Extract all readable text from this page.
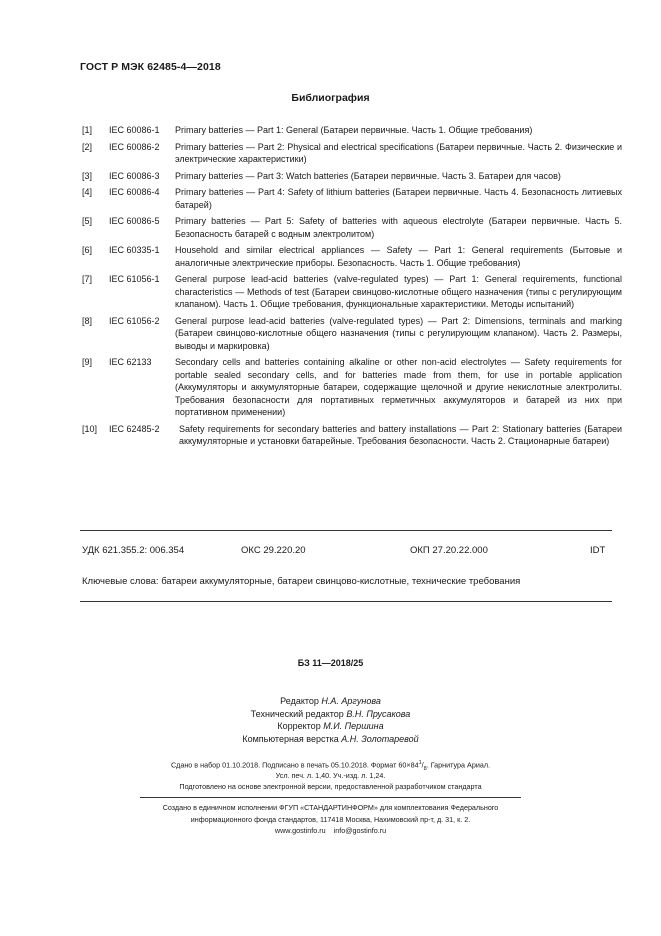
ГОСТ Р МЭК 62485-4—2018
Библиография
[1] IEC 60086-1 Primary batteries — Part 1: General (Батареи первичные. Часть 1. Общие требования)
[2] IEC 60086-2 Primary batteries — Part 2: Physical and electrical specifications (Батареи первичные. Часть 2. Физические и электрические характеристики)
[3] IEC 60086-3 Primary batteries — Part 3: Watch batteries (Батареи первичные. Часть 3. Батареи для часов)
[4] IEC 60086-4 Primary batteries — Part 4: Safety of lithium batteries (Батареи первичные. Часть 4. Безопасность литиевых батарей)
[5] IEC 60086-5 Primary batteries — Part 5: Safety of batteries with aqueous electrolyte (Батареи первичные. Часть 5. Безопасность батарей с водным электролитом)
[6] IEC 60335-1 Household and similar electrical appliances — Safety — Part 1: General requirements (Бытовые и аналогичные электрические приборы. Безопасность. Часть 1. Общие требования)
[7] IEC 61056-1 General purpose lead-acid batteries (valve-regulated types) — Part 1: General requirements, functional characteristics — Methods of test (Батареи свинцово-кислотные общего назначения (типы с регулирующим клапаном). Часть 1. Общие требования, функциональные характеристики. Методы испытаний)
[8] IEC 61056-2 General purpose lead-acid batteries (valve-regulated types) — Part 2: Dimensions, terminals and marking (Батареи свинцово-кислотные общего назначения (типы с регулирующим клапаном). Часть 2. Размеры, выводы и маркировка)
[9] IEC 62133	Secondary cells and batteries containing alkaline or other non-acid electrolytes — Safety requirements for portable sealed secondary cells, and for batteries made from them, for use in portable application (Аккумуляторы и аккумуляторные батареи, содержащие щелочной и другие некислотные электролиты. Требования безопасности для портативных герметичных аккумуляторов и батарей из них при портативном применении)
[10] IEC 62485-2 Safety requirements for secondary batteries and battery installations — Part 2: Stationary batteries (Батареи аккумуляторные и установки батарейные. Требования безопасности. Часть 2. Стационарные батареи)
УДК 621.355.2: 006.354	ОКС 29.220.20	ОКП 27.20.22.000	IDT
Ключевые слова: батареи аккумуляторные, батареи свинцово-кислотные, технические требования
БЗ 11—2018/25
Редактор Н.А. Аргунова
Технический редактор В.Н. Прусакова
Корректор М.И. Першина
Компьютерная верстка А.Н. Золотаревой
Сдано в набор 01.10.2018. Подписано в печать 05.10.2018. Формат $60\times 84^1/_8$. Гарнитура Ариал.
Усл. печ. л. 1,40. Уч.-изд. л. 1,24.
Подготовлено на основе электронной версии, предоставленной разработчиком стандарта
Создано в единичном исполнении ФГУП «СТАНДАРТИНФОРМ» для комплектования Федерального
информационного фонда стандартов, 117418 Москва, Нахимовский пр-т, д. 31, к. 2.
www.gostinfo.ru info@gostinfo.ru
